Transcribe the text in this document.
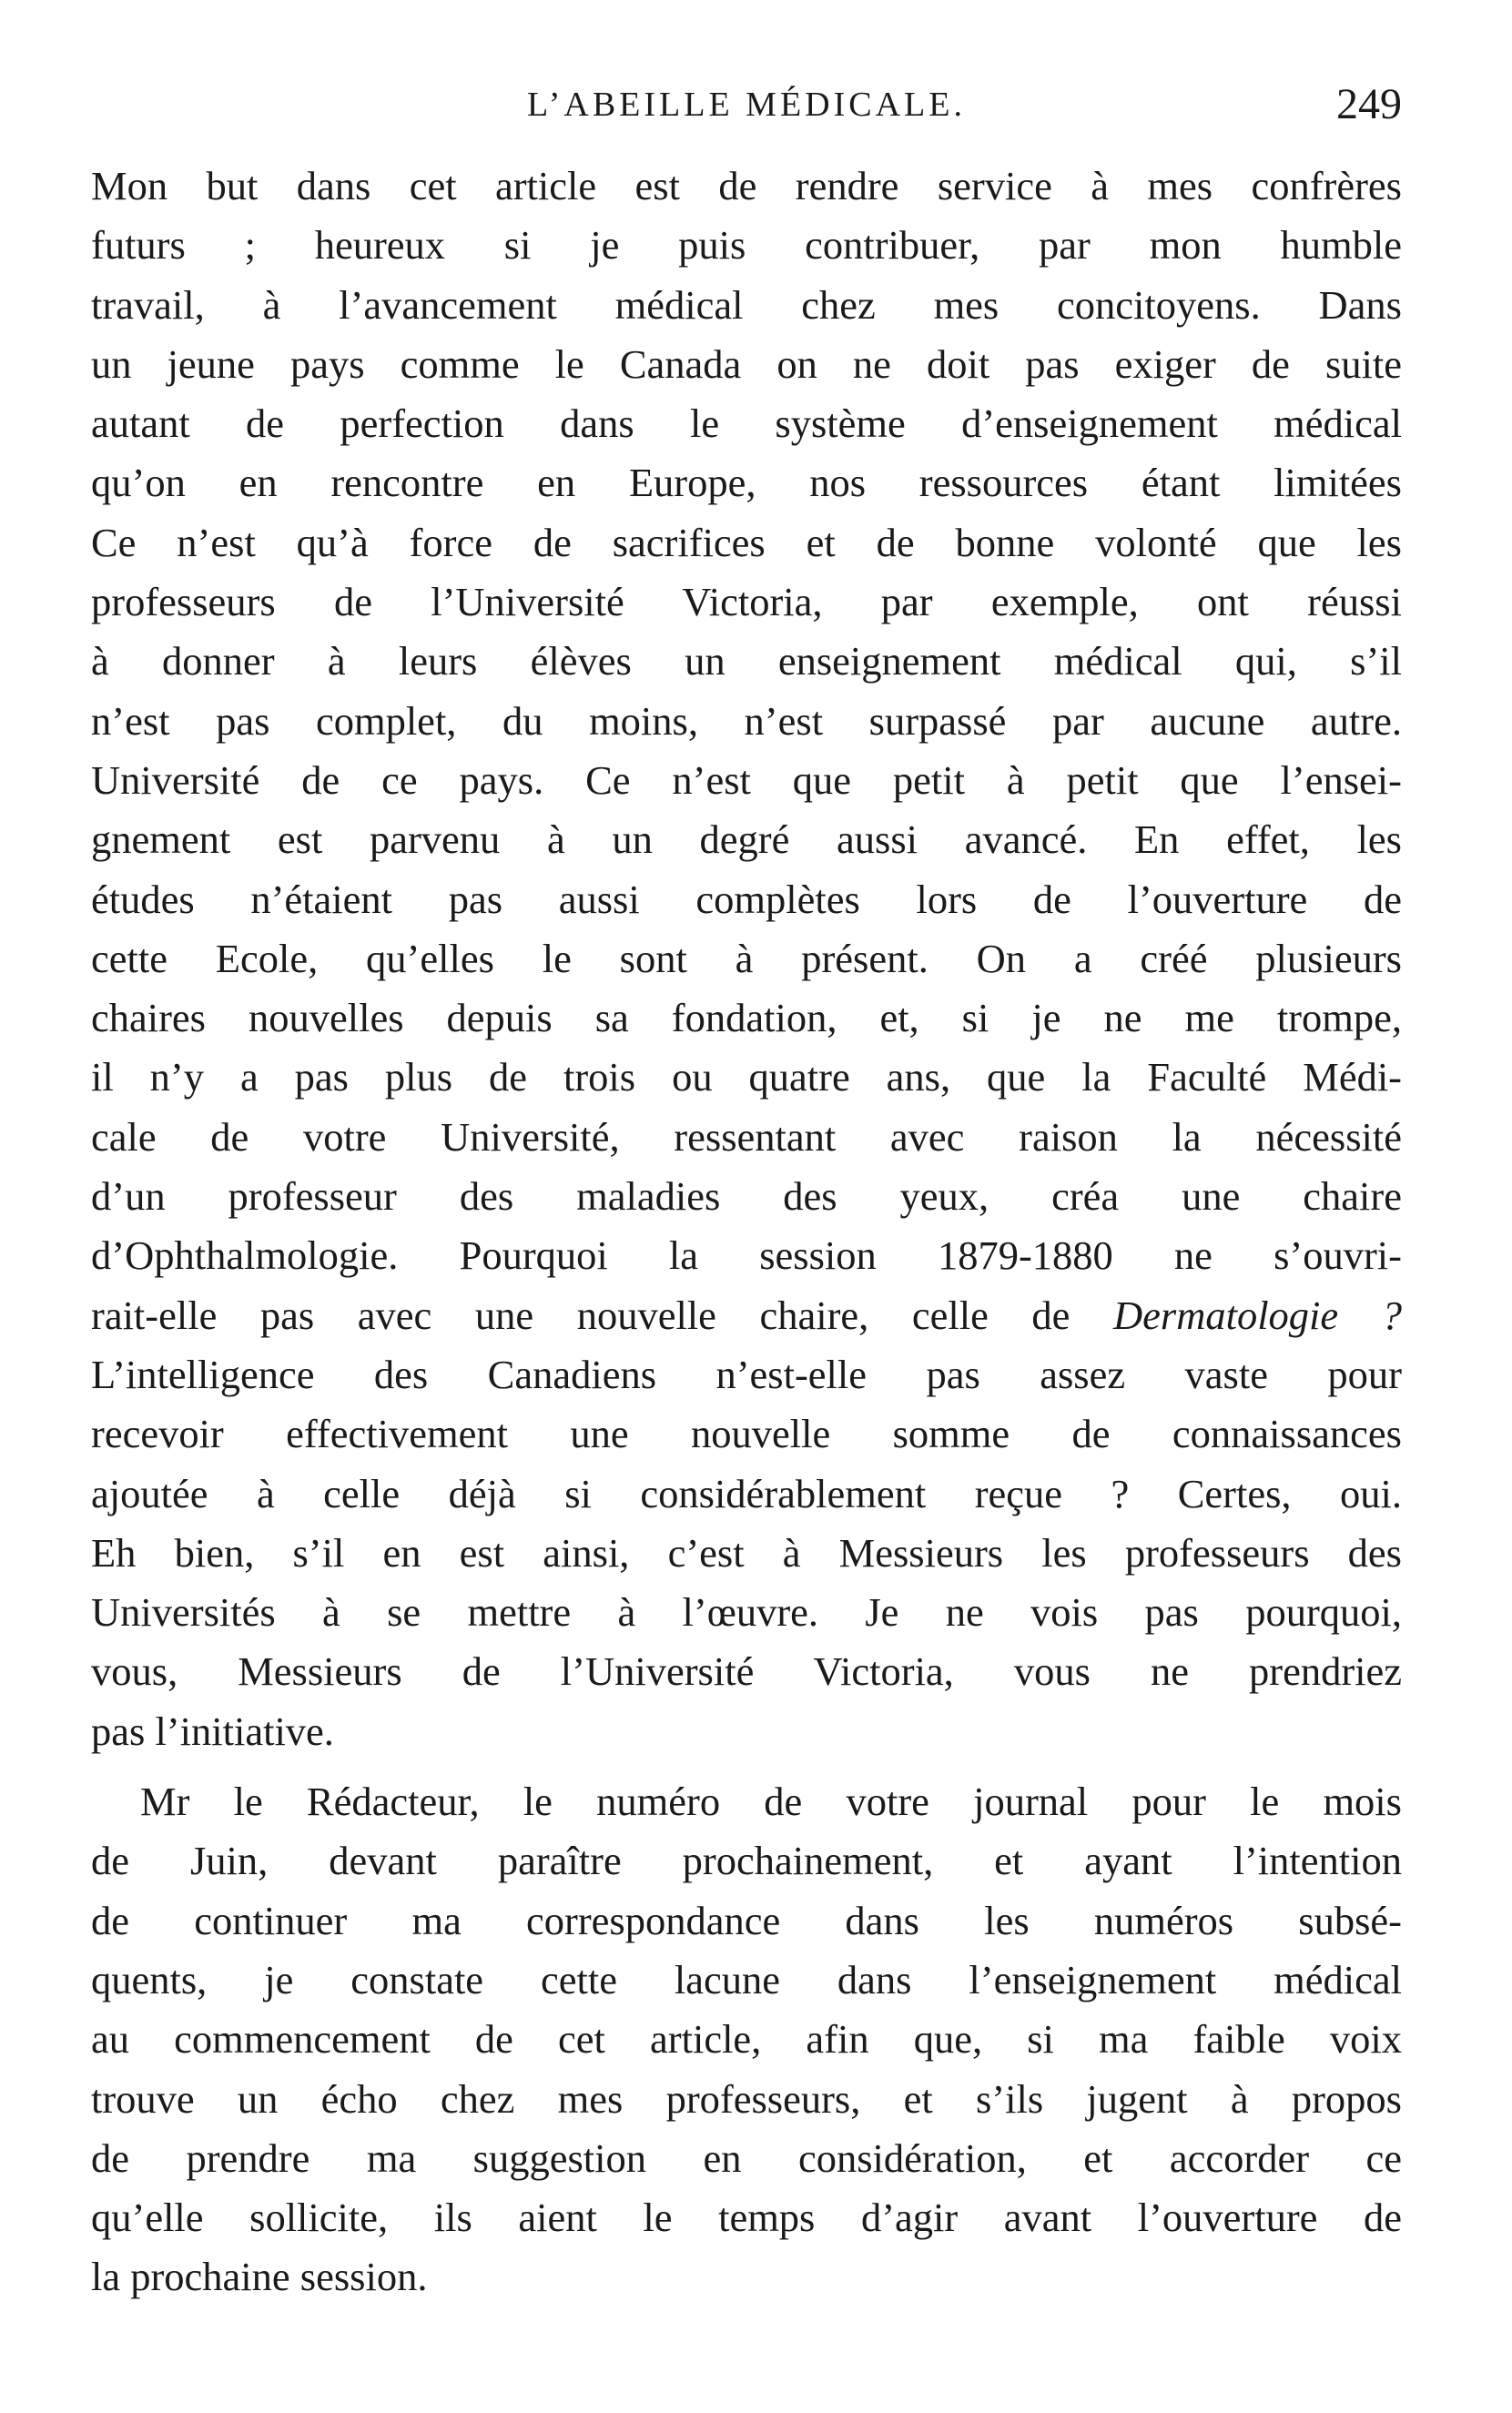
L’ABEILLE MÉDICALE.	249
Mon but dans cet article est de rendre service à mes confrères
futurs ; heureux si je puis contribuer, par mon humble
travail, à l’avancement médical chez mes concitoyens. Dans
un jeune pays comme le Canada on ne doit pas exiger de suite
autant de perfection dans le système d’enseignement médical
qu’on en rencontre en Europe, nos ressources étant limitées
Ce n’est qu’à force de sacrifices et de bonne volonté que les
professeurs de l’Université Victoria, par exemple, ont réussi
à donner à leurs élèves un enseignement médical qui, s’il
n’est pas complet, du moins, n’est surpassé par aucune autre.
Université de ce pays. Ce n’est que petit à petit que l’ensei-
gnement est parvenu à un degré aussi avancé. En effet, les
études n’étaient pas aussi complètes lors de l’ouverture de
cette Ecole, qu’elles le sont à présent. On a créé plusieurs
chaires nouvelles depuis sa fondation, et, si je ne me trompe,
il n’y a pas plus de trois ou quatre ans, que la Faculté Médi-
cale de votre Université, ressentant avec raison la nécessité
d’un professeur des maladies des yeux, créa une chaire
d’Ophthalmologie. Pourquoi la session 1879-1880 ne s’ouvri-
rait-elle pas avec une nouvelle chaire, celle de Dermatologie ?
L’intelligence des Canadiens n’est-elle pas assez vaste pour
recevoir effectivement une nouvelle somme de connaissances
ajoutée à celle déjà si considérablement reçue ? Certes, oui.
Eh bien, s’il en est ainsi, c’est à Messieurs les professeurs des
Universités à se mettre à l’œuvre. Je ne vois pas pourquoi,
vous, Messieurs de l’Université Victoria, vous ne prendriez
pas l’initiative.
Mr le Rédacteur, le numéro de votre journal pour le mois
de Juin, devant paraître prochainement, et ayant l’intention
de continuer ma correspondance dans les numéros subsé-
quents, je constate cette lacune dans l’enseignement médical
au commencement de cet article, afin que, si ma faible voix
trouve un écho chez mes professeurs, et s’ils jugent à propos
de prendre ma suggestion en considération, et accorder ce
qu’elle sollicite, ils aient le temps d’agir avant l’ouverture de
la prochaine session.
